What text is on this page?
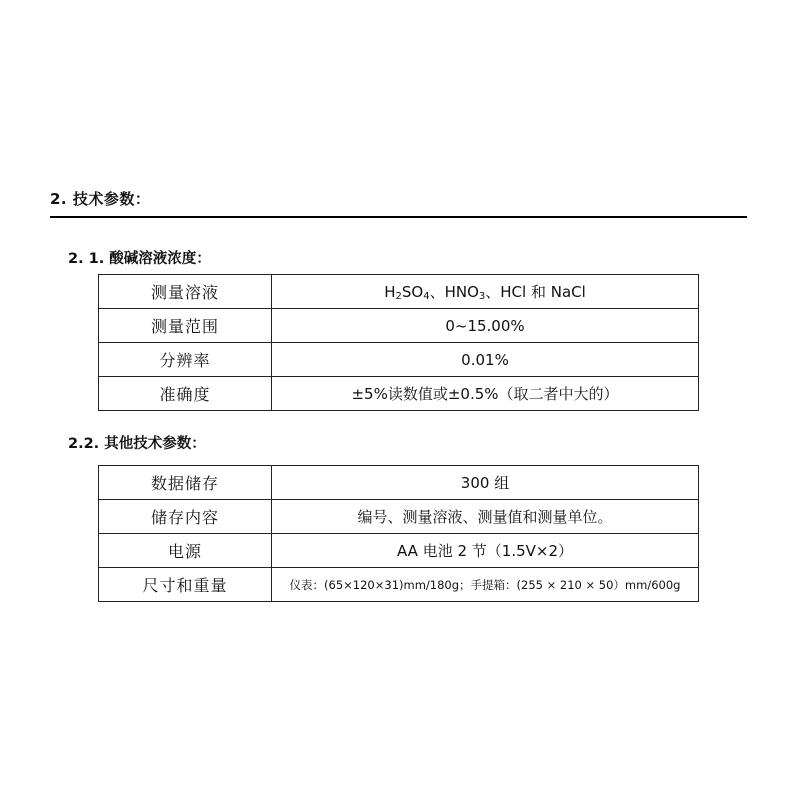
2. 技术参数：
2. 1. 酸碱溶液浓度：
测量溶液	$H_2SO_4$、$HNO_3$、HCl 和 NaCl
测量范围	0~15.00%
分辨率	0.01%
准确度	±5%读数值或±0.5%（取二者中大的）
2.2. 其他技术参数：
数据储存	300 组
储存内容	编号、测量溶液、测量值和测量单位。
电源	AA 电池 2 节（1.5V×2）
尺寸和重量	仪表：(65×120×31)mm/180g；手提箱：(255 × 210 × 50）mm/600g
